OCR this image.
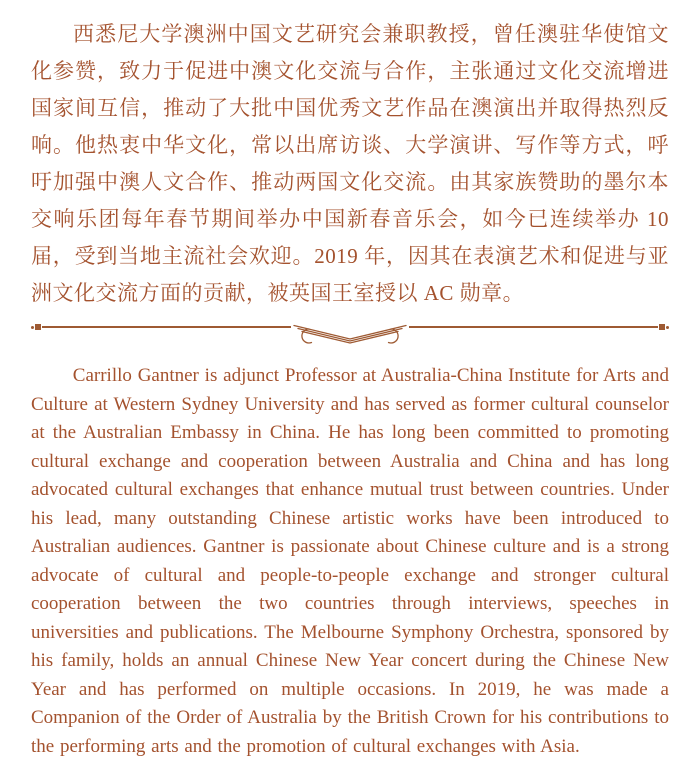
西悉尼大学澳洲中国文艺研究会兼职教授，曾任澳驻华使馆文化参赞，致力于促进中澳文化交流与合作，主张通过文化交流增进国家间互信，推动了大批中国优秀文艺作品在澳演出并取得热烈反响。他热衷中华文化，常以出席访谈、大学演讲、写作等方式，呼吁加强中澳人文合作、推动两国文化交流。由其家族赞助的墨尔本交响乐团每年春节期间举办中国新春音乐会，如今已连续举办 10 届，受到当地主流社会欢迎。2019 年，因其在表演艺术和促进与亚洲文化交流方面的贡献，被英国王室授以 AC 勋章。

Carrillo Gantner is adjunct Professor at Australia-China Institute for Arts and Culture at Western Sydney University and has served as former cultural counselor at the Australian Embassy in China. He has long been committed to promoting cultural exchange and cooperation between Australia and China and has long advocated cultural exchanges that enhance mutual trust between countries. Under his lead, many outstanding Chinese artistic works have been introduced to Australian audiences. Gantner is passionate about Chinese culture and is a strong advocate of cultural and people-to-people exchange and stronger cultural cooperation between the two countries through interviews, speeches in universities and publications. The Melbourne Symphony Orchestra, sponsored by his family, holds an annual Chinese New Year concert during the Chinese New Year and has performed on multiple occasions. In 2019, he was made a Companion of the Order of Australia by the British Crown for his contributions to the performing arts and the promotion of cultural exchanges with Asia.
